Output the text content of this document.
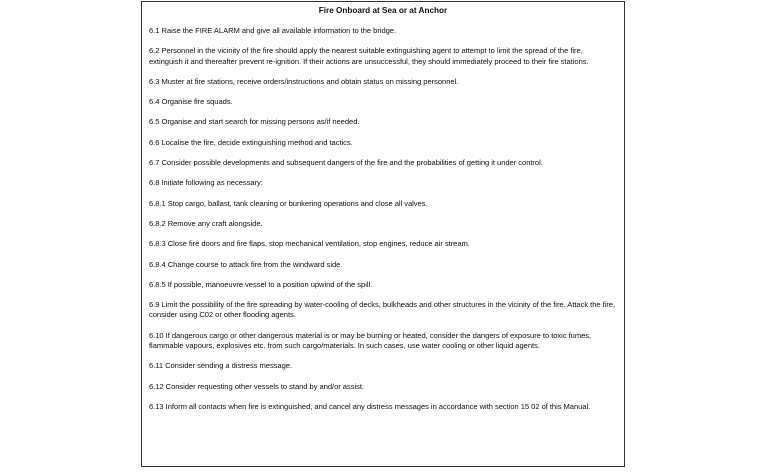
Fire Onboard at Sea or at Anchor
6.1 Raise the FIRE ALARM and give all available information to the bridge.
6.2 Personnel in the vicinity of the fire should apply the nearest suitable extinguishing agent to attempt to limit the spread of the fire, extinguish it and thereafter prevent re-ignition. If their actions are unsuccessful, they should immediately proceed to their fire stations.
6.3 Muster at fire stations, receive orders/instructions and obtain status on missing personnel.
6.4 Organise fire squads.
6.5 Organise and start search for missing persons as/if needed.
6.6 Localise the fire, decide extinguishing method and tactics.
6.7 Consider possible developments and subsequent dangers of the fire and the probabilities of getting it under control.
6.8 Initiate following as necessary:
6.8.1 Stop cargo, ballast, tank cleaning or bunkering operations and close all valves.
6.8.2 Remove any craft alongside.
6.8.3 Close fire doors and fire flaps, stop mechanical ventilation, stop engines, reduce air stream.
6.8.4 Change course to attack fire from the windward side.
6.8.5 If possible, manoeuvre vessel to a position upwind of the spill.
6.9 Limit the possibility of the fire spreading by water-cooling of decks, bulkheads and other structures in the vicinity of the fire. Attack the fire, consider using C02 or other flooding agents.
6.10 If dangerous cargo or other dangerous material is or may be burning or heated, consider the dangers of exposure to toxic fumes, flammable vapours, explosives etc. from such cargo/materials. In such cases, use water cooling or other liquid agents.
6.11 Consider sending a distress message.
6.12 Consider requesting other vessels to stand by and/or assist.
6.13 Inform all contacts when fire is extinguished, and cancel any distress messages in accordance with section 15 02 of this Manual.
